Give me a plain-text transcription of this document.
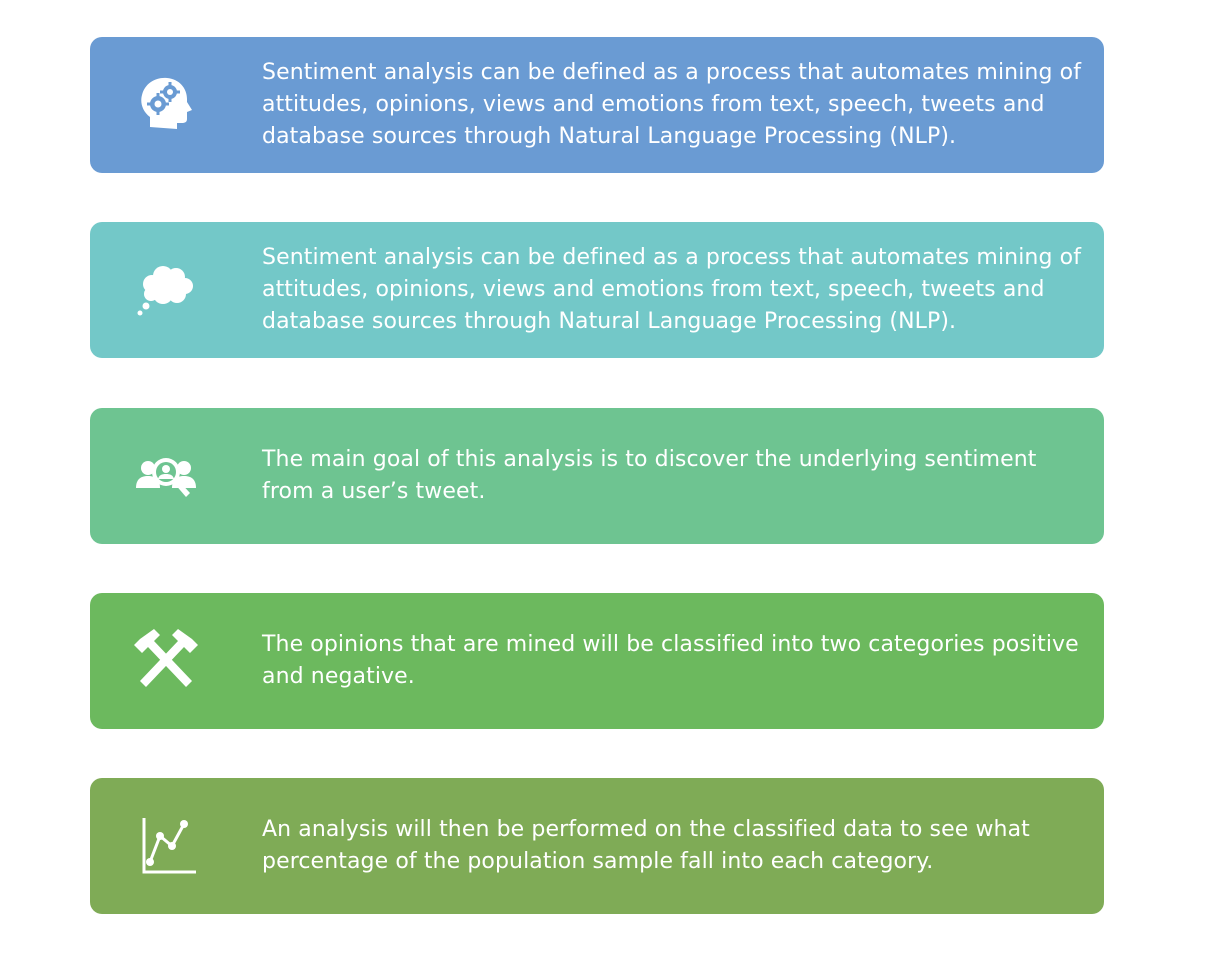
Sentiment analysis can be defined as a process that automates mining of attitudes, opinions, views and emotions from text, speech, tweets and database sources through Natural Language Processing (NLP).
Sentiment analysis can be defined as a process that automates mining of attitudes, opinions, views and emotions from text, speech, tweets and database sources through Natural Language Processing (NLP).
The main goal of this analysis is to discover the underlying sentiment from a user’s tweet.
The opinions that are mined will be classified into two categories positive and negative.
An analysis will then be performed on the classified data to see what percentage of the population sample fall into each category.
